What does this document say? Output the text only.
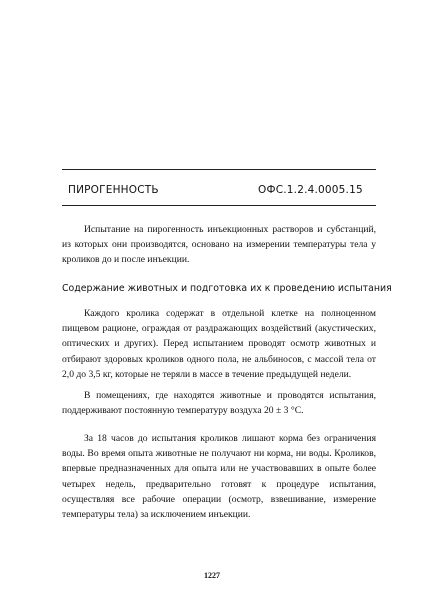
ПИРОГЕННОСТЬ	ОФС.1.2.4.0005.15

Испытание на пирогенность инъекционных растворов и субстанций, из которых они производятся, основано на измерении температуры тела у кроликов до и после инъекции.

Содержание животных и подготовка их к проведению испытания

Каждого кролика содержат в отдельной клетке на полноценном пищевом рационе, ограждая от раздражающих воздействий (акустических, оптических и других). Перед испытанием проводят осмотр животных и отбирают здоровых кроликов одного пола, не альбиносов, с массой тела от 2,0 до 3,5 кг, которые не теряли в массе в течение предыдущей недели.

В помещениях, где находятся животные и проводятся испытания, поддерживают постоянную температуру воздуха 20 ± 3 °С.

За 18 часов до испытания кроликов лишают корма без ограничения воды. Во время опыта животные не получают ни корма, ни воды. Кроликов, впервые предназначенных для опыта или не участвовавших в опыте более четырех недель, предварительно готовят к процедуре испытания, осуществляя все рабочие операции (осмотр, взвешивание, измерение температуры тела) за исключением инъекции.

1227
